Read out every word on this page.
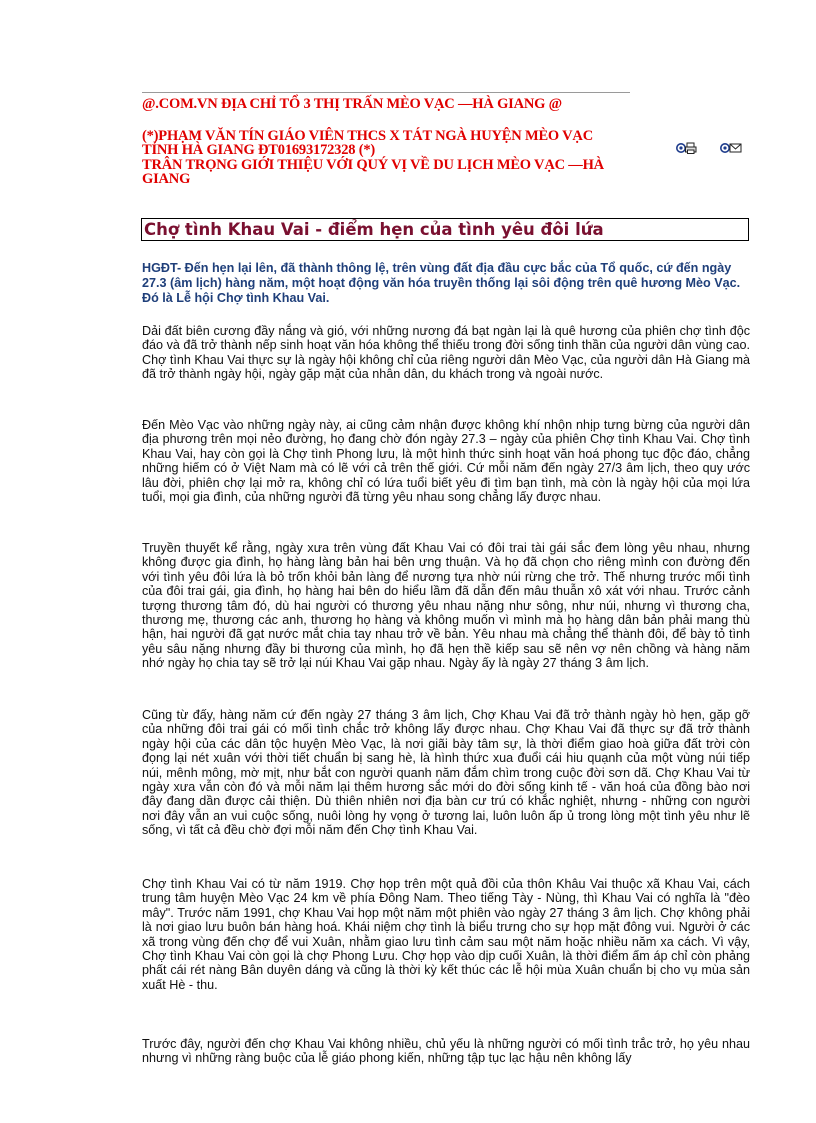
@.COM.VN ĐỊA CHỈ TỔ 3 THỊ TRẤN MÈO VẠC —HÀ GIANG @

(*)PHẠM VĂN TÍN GIÁO VIÊN THCS X TÁT NGÀ HUYỆN MÈO VẠC TỈNH HÀ GIANG ĐT01693172328 (*)

TRÂN TRỌNG GIỚI THIỆU VỚI QUÝ VỊ VỀ DU LỊCH MÈO VẠC —HÀ GIANG

Chợ tình Khau Vai - điểm hẹn của tình yêu đôi lứa

HGĐT- Đến hẹn lại lên, đã thành thông lệ, trên vùng đất địa đầu cực bắc của Tổ quốc, cứ đến ngày 27.3 (âm lịch) hàng năm, một hoạt động văn hóa truyền thống lại sôi động trên quê hương Mèo Vạc. Đó là Lễ hội Chợ tình Khau Vai.

Dải đất biên cương đầy nắng và gió, với những nương đá bạt ngàn lại là quê hương của phiên chợ tình độc đáo và đã trở thành nếp sinh hoạt văn hóa không thể thiếu trong đời sống tinh thần của người dân vùng cao. Chợ tình Khau Vai thực sự là ngày hội không chỉ của riêng người dân Mèo Vạc, của người dân Hà Giang mà đã trở thành ngày hội, ngày gặp mặt của nhân dân, du khách trong và ngoài nước.

Đến Mèo Vạc vào những ngày này, ai cũng cảm nhận được không khí nhộn nhịp tưng bừng của người dân địa phương trên mọi nẻo đường, họ đang chờ đón ngày 27.3 – ngày của phiên Chợ tình Khau Vai. Chợ tình Khau Vai, hay còn gọi là Chợ tình Phong lưu, là một hình thức sinh hoạt văn hoá phong tục độc đáo, chẳng những hiếm có ở Việt Nam mà có lẽ với cả trên thế giới. Cứ mỗi năm đến ngày 27/3 âm lịch, theo quy ước lâu đời, phiên chợ lại mở ra, không chỉ có lứa tuổi biết yêu đi tìm bạn tình, mà còn là ngày hội của mọi lứa tuổi, mọi gia đình, của những người đã từng yêu nhau song chẳng lấy được nhau.

Truyền thuyết kể rằng, ngày xưa trên vùng đất Khau Vai có đôi trai tài gái sắc đem lòng yêu nhau, nhưng không được gia đình, họ hàng làng bản hai bên ưng thuận. Và họ đã chọn cho riêng mình con đường đến với tình yêu đôi lứa là bỏ trốn khỏi bản làng để nương tựa nhờ núi rừng che trở. Thế nhưng trước mối tình của đôi trai gái, gia đình, họ hàng hai bên do hiểu lầm đã dẫn đến mâu thuẫn xô xát với nhau. Trước cảnh tượng thương tâm đó, dù hai người có thương yêu nhau nặng như sông, như núi, nhưng vì thương cha, thương mẹ, thương các anh, thương họ hàng và không muốn vì mình mà họ hàng dân bản phải mang thù hận, hai người đã gạt nước mắt chia tay nhau trở về bản. Yêu nhau mà chẳng thể thành đôi, để bày tỏ tình yêu sâu nặng nhưng đầy bi thương của mình, họ đã hẹn thề kiếp sau sẽ nên vợ nên chồng và hàng năm nhớ ngày họ chia tay sẽ trở lại núi Khau Vai gặp nhau. Ngày ấy là ngày 27 tháng 3 âm lịch.

Cũng từ đấy, hàng năm cứ đến ngày 27 tháng 3 âm lịch, Chợ Khau Vai đã trở thành ngày hò hẹn, gặp gỡ của những đôi trai gái có mối tình chắc trở không lấy được nhau. Chợ Khau Vai đã thực sự đã trở thành ngày hội của các dân tộc huyện Mèo Vạc, là nơi giãi bày tâm sự, là thời điểm giao hoà giữa đất trời còn đọng lại nét xuân với thời tiết chuẩn bị sang hè, là hình thức xua đuổi cái hiu quạnh của một vùng núi tiếp núi, mênh mông, mờ mịt, như bắt con người quanh năm đắm chìm trong cuộc đời sơn dã. Chợ Khau Vai từ ngày xưa vẫn còn đó và mỗi năm lại thêm hương sắc mới do đời sống kinh tế - văn hoá của đồng bào nơi đây đang dần được cải thiện. Dù thiên nhiên nơi địa bàn cư trú có khắc nghiệt, nhưng - những con người nơi đây vẫn an vui cuộc sống, nuôi lòng hy vọng ở tương lai, luôn luôn ấp ủ trong lòng một tình yêu như lẽ sống, vì tất cả đều chờ đợi mỗi năm đến Chợ tình Khau Vai.

Chợ tình Khau Vai có từ năm 1919. Chợ họp trên một quả đồi của thôn Khâu Vai thuộc xã Khau Vai, cách trung tâm huyện Mèo Vạc 24 km về phía Đông Nam. Theo tiếng Tày - Nùng, thì Khau Vai có nghĩa là "đèo mây". Trước năm 1991, chợ Khau Vai họp một năm một phiên vào ngày 27 tháng 3 âm lịch. Chợ không phải là nơi giao lưu buôn bán hàng hoá. Khái niệm chợ tình là biểu trưng cho sự họp mặt đông vui. Người ở các xã trong vùng đến chợ để vui Xuân, nhằm giao lưu tình cảm sau một năm hoặc nhiều năm xa cách. Vì vậy, Chợ tình Khau Vai còn gọi là chợ Phong Lưu. Chợ họp vào dịp cuối Xuân, là thời điểm ấm áp chỉ còn phảng phất cái rét nàng Bân duyên dáng và cũng là thời kỳ kết thúc các lễ hội mùa Xuân chuẩn bị cho vụ mùa sản xuất Hè - thu.

Trước đây, người đến chợ Khau Vai không nhiều, chủ yếu là những người có mối tình trắc trở, họ yêu nhau nhưng vì những ràng buộc của lễ giáo phong kiến, những tập tục lạc hậu nên không lấy
